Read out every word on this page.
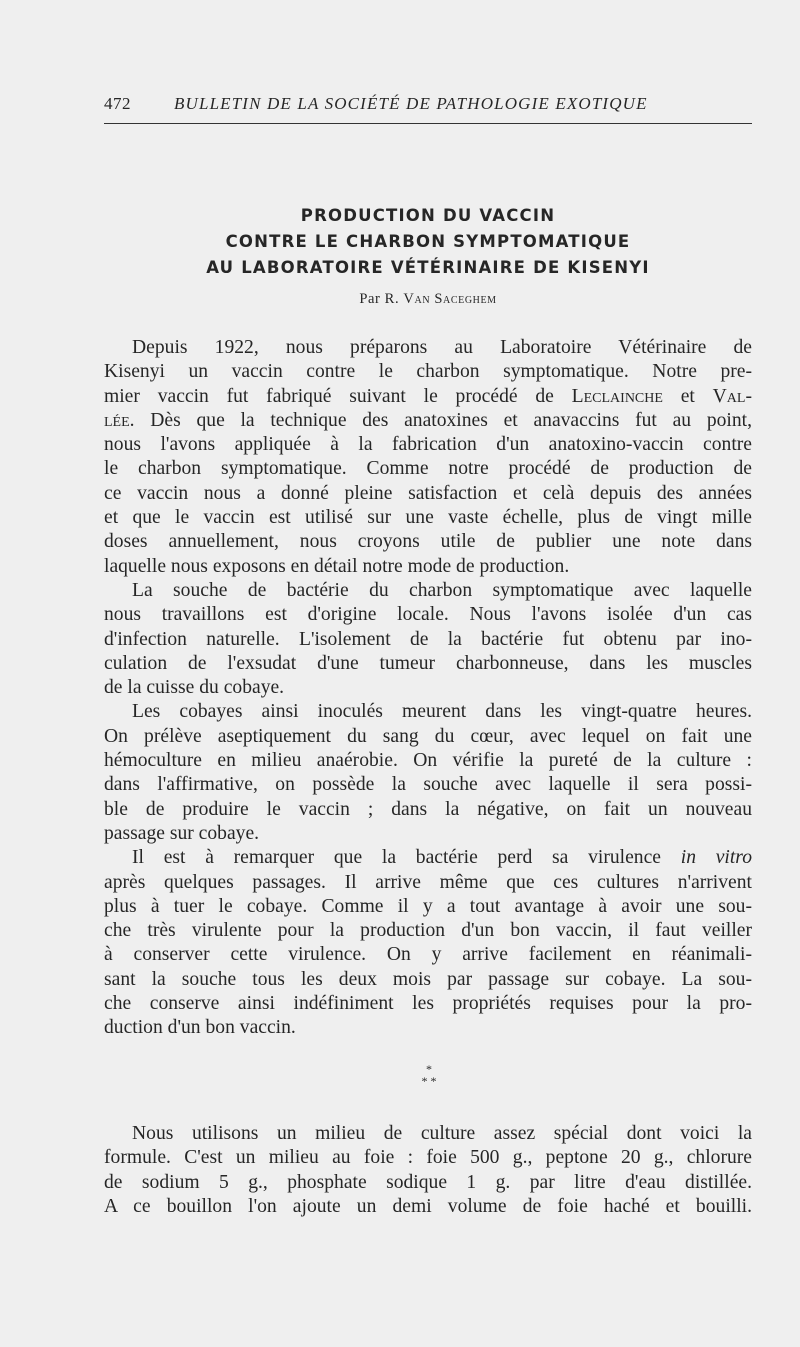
472	BULLETIN DE LA SOCIÉTÉ DE PATHOLOGIE EXOTIQUE
PRODUCTION DU VACCIN
CONTRE LE CHARBON SYMPTOMATIQUE
AU LABORATOIRE VÉTÉRINAIRE DE KISENYI
Par R. Van Saceghem

Depuis 1922, nous préparons au Laboratoire Vétérinaire de

Kisenyi un vaccin contre le charbon symptomatique. Notre pre-

mier vaccin fut fabriqué suivant le procédé de Leclainche et Val-

lée. Dès que la technique des anatoxines et anavaccins fut au point,

nous l'avons appliquée à la fabrication d'un anatoxino-vaccin contre

le charbon symptomatique. Comme notre procédé de production de

ce vaccin nous a donné pleine satisfaction et celà depuis des années

et que le vaccin est utilisé sur une vaste échelle, plus de vingt mille

doses annuellement, nous croyons utile de publier une note dans

laquelle nous exposons en détail notre mode de production.

La souche de bactérie du charbon symptomatique avec laquelle

nous travaillons est d'origine locale. Nous l'avons isolée d'un cas

d'infection naturelle. L'isolement de la bactérie fut obtenu par ino-

culation de l'exsudat d'une tumeur charbonneuse, dans les muscles

de la cuisse du cobaye.

Les cobayes ainsi inoculés meurent dans les vingt-quatre heures.

On prélève aseptiquement du sang du cœur, avec lequel on fait une

hémoculture en milieu anaérobie. On vérifie la pureté de la culture :

dans l'affirmative, on possède la souche avec laquelle il sera possi-

ble de produire le vaccin ; dans la négative, on fait un nouveau

passage sur cobaye.

Il est à remarquer que la bactérie perd sa virulence in vitro

après quelques passages. Il arrive même que ces cultures n'arrivent

plus à tuer le cobaye. Comme il y a tout avantage à avoir une sou-

che très virulente pour la production d'un bon vaccin, il faut veiller

à conserver cette virulence. On y arrive facilement en réanimali-

sant la souche tous les deux mois par passage sur cobaye. La sou-

che conserve ainsi indéfiniment les propriétés requises pour la pro-

duction d'un bon vaccin.

*
* *

Nous utilisons un milieu de culture assez spécial dont voici la

formule. C'est un milieu au foie : foie 500 g., peptone 20 g., chlorure

de sodium 5 g., phosphate sodique 1 g. par litre d'eau distillée.

A ce bouillon l'on ajoute un demi volume de foie haché et bouilli.
